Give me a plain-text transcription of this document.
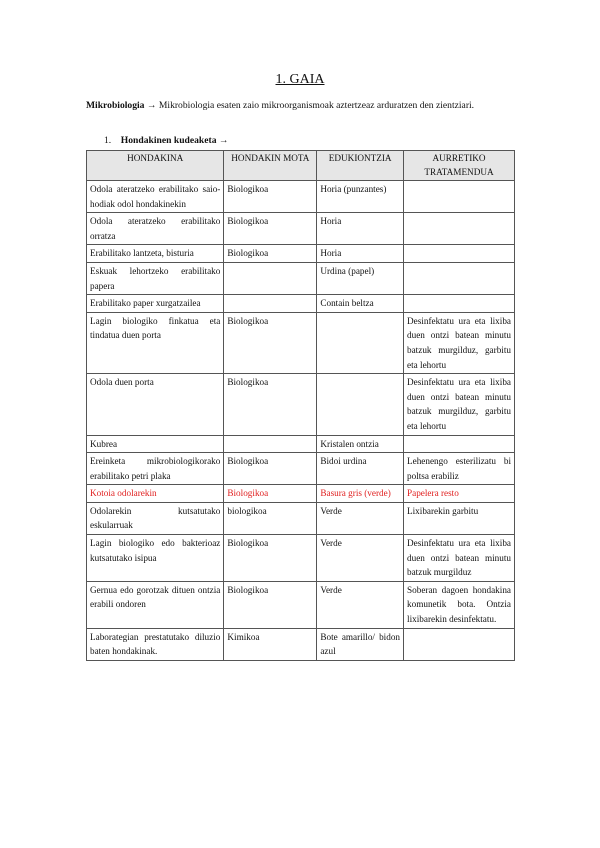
1. GAIA
Mikrobiologia → Mikrobiologia esaten zaio mikroorganismoak aztertzeaz arduratzen den zientziari.
1. Hondakinen kudeaketa →
HONDAKINA	HONDAKIN MOTA	EDUKIONTZIA	AURRETIKO TRATAMENDUA
Odola ateratzeko erabilitako saio-hodiak odol hondakinekin	Biologikoa	Horia (punzantes)	
Odola ateratzeko erabilitako orratza	Biologikoa	Horia	
Erabilitako lantzeta, bisturia	Biologikoa	Horia	
Eskuak lehortzeko erabilitako papera		Urdina (papel)	
Erabilitako paper xurgatzailea		Contain beltza	
Lagin biologiko finkatua eta tindatua duen porta	Biologikoa		Desinfektatu ura eta lixiba duen ontzi batean minutu batzuk murgilduz, garbitu eta lehortu
Odola duen porta	Biologikoa		Desinfektatu ura eta lixiba duen ontzi batean minutu batzuk murgilduz, garbitu eta lehortu
Kubrea		Kristalen ontzia	
Ereinketa mikrobiologikorako erabilitako petri plaka	Biologikoa	Bidoi urdina	Lehenengo esterilizatu bi poltsa erabiliz
Kotoia odolarekin	Biologikoa	Basura gris (verde)	Papelera resto
Odolarekin kutsatutako eskularruak	biologikoa	Verde	Lixibarekin garbitu
Lagin biologiko edo bakterioaz kutsatutako isipua	Biologikoa	Verde	Desinfektatu ura eta lixiba duen ontzi batean minutu batzuk murgilduz
Gernua edo gorotzak dituen ontzia erabili ondoren	Biologikoa	Verde	Soberan dagoen hondakina komunetik bota. Ontzia lixibarekin desinfektatu.
Laborategian prestatutako diluzio baten hondakinak.	Kimikoa	Bote amarillo/ bidon azul	
